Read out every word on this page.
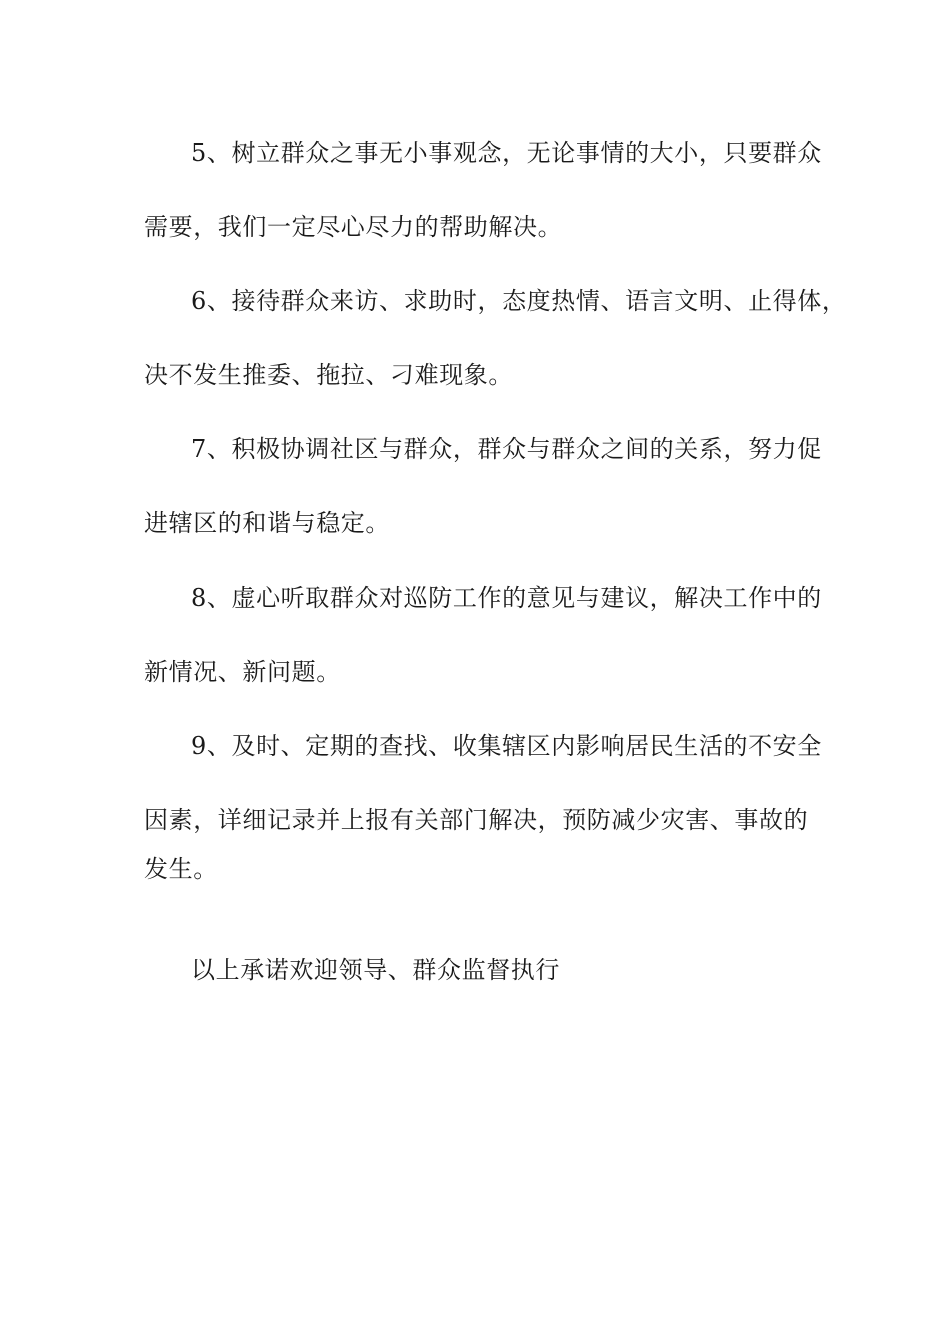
5、树立群众之事无小事观念，无论事情的大小，只要群众
需要，我们一定尽心尽力的帮助解决。
6、接待群众来访、求助时，态度热情、语言文明、止得体，
决不发生推委、拖拉、刁难现象。
7、积极协调社区与群众，群众与群众之间的关系，努力促
进辖区的和谐与稳定。
8、虚心听取群众对巡防工作的意见与建议，解决工作中的
新情况、新问题。
9、及时、定期的查找、收集辖区内影响居民生活的不安全
因素，详细记录并上报有关部门解决，预防减少灾害、事故的
发生。
以上承诺欢迎领导、群众监督执行
